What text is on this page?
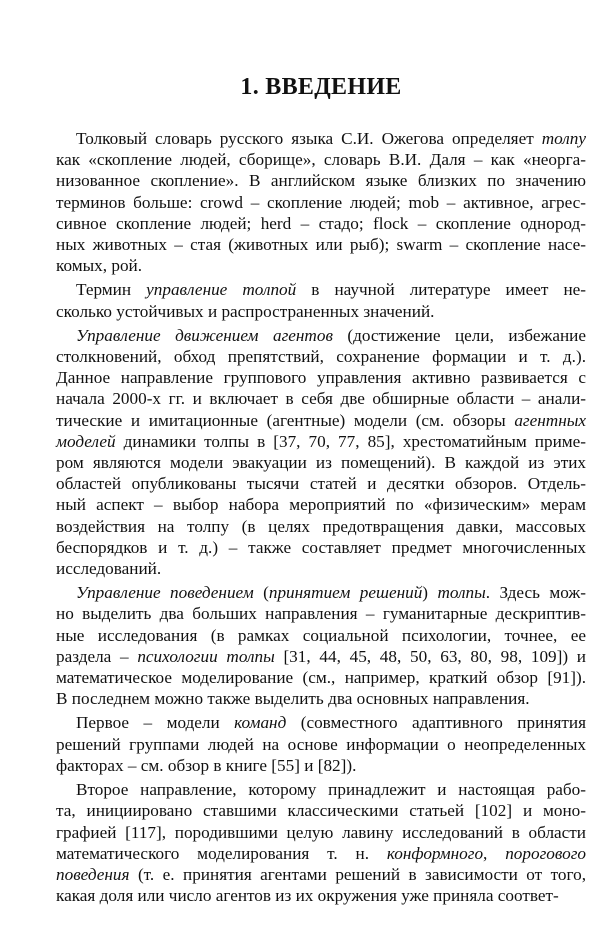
1. ВВЕДЕНИЕ
Толковый словарь русского языка С.И. Ожегова определяет толпу
как «скопление людей, сборище», словарь В.И. Даля – как «неорга-
низованное скопление». В английском языке близких по значению
терминов больше: crowd – скопление людей; mob – активное, агрес-
сивное скопление людей; herd – стадо; flock – скопление однород-
ных животных – стая (животных или рыб); swarm – скопление насе-
комых, рой.
Термин управление толпой в научной литературе имеет не-
сколько устойчивых и распространенных значений.
Управление движением агентов (достижение цели, избежание
столкновений, обход препятствий, сохранение формации и т. д.).
Данное направление группового управления активно развивается с
начала 2000-х гг. и включает в себя две обширные области – анали-
тические и имитационные (агентные) модели (см. обзоры агентных
моделей динамики толпы в [37, 70, 77, 85], хрестоматийным приме-
ром являются модели эвакуации из помещений). В каждой из этих
областей опубликованы тысячи статей и десятки обзоров. Отдель-
ный аспект – выбор набора мероприятий по «физическим» мерам
воздействия на толпу (в целях предотвращения давки, массовых
беспорядков и т. д.) – также составляет предмет многочисленных
исследований.
Управление поведением (принятием решений) толпы. Здесь мож-
но выделить два больших направления – гуманитарные дескриптив-
ные исследования (в рамках социальной психологии, точнее, ее
раздела – психологии толпы [31, 44, 45, 48, 50, 63, 80, 98, 109]) и
математическое моделирование (см., например, краткий обзор [91]).
В последнем можно также выделить два основных направления.
Первое – модели команд (совместного адаптивного принятия
решений группами людей на основе информации о неопределенных
факторах – см. обзор в книге [55] и [82]).
Второе направление, которому принадлежит и настоящая рабо-
та, инициировано ставшими классическими статьей [102] и моно-
графией [117], породившими целую лавину исследований в области
математического моделирования т. н. конформного, порогового
поведения (т. е. принятия агентами решений в зависимости от того,
какая доля или число агентов из их окружения уже приняла соответ-
